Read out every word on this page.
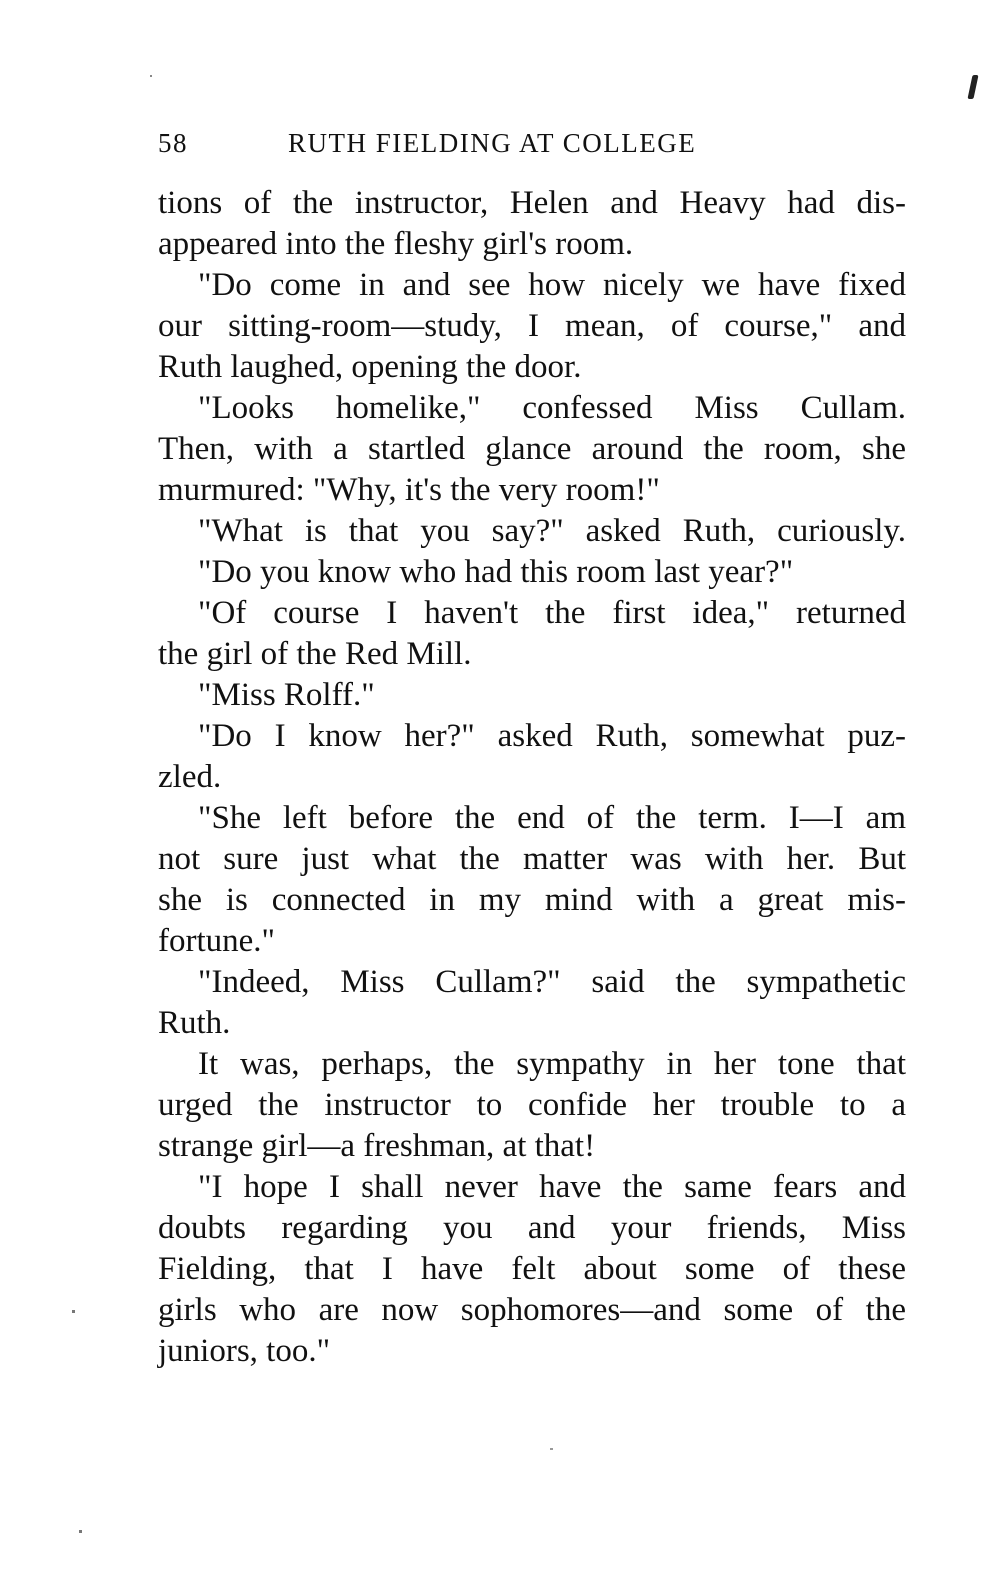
58	RUTH FIELDING AT COLLEGE
tions of the instructor, Helen and Heavy had dis-
appeared into the fleshy girl's room.
"Do come in and see how nicely we have fixed
our sitting-room—study, I mean, of course," and
Ruth laughed, opening the door.
"Looks homelike," confessed Miss Cullam.
Then, with a startled glance around the room, she
murmured: "Why, it's the very room!"
"What is that you say?" asked Ruth, curiously.
"Do you know who had this room last year?"
"Of course I haven't the first idea," returned
the girl of the Red Mill.
"Miss Rolff."
"Do I know her?" asked Ruth, somewhat puz-
zled.
"She left before the end of the term. I—I am
not sure just what the matter was with her. But
she is connected in my mind with a great mis-
fortune."
"Indeed, Miss Cullam?" said the sympathetic
Ruth.
It was, perhaps, the sympathy in her tone that
urged the instructor to confide her trouble to a
strange girl—a freshman, at that!
"I hope I shall never have the same fears and
doubts regarding you and your friends, Miss
Fielding, that I have felt about some of these
girls who are now sophomores—and some of the
juniors, too."
